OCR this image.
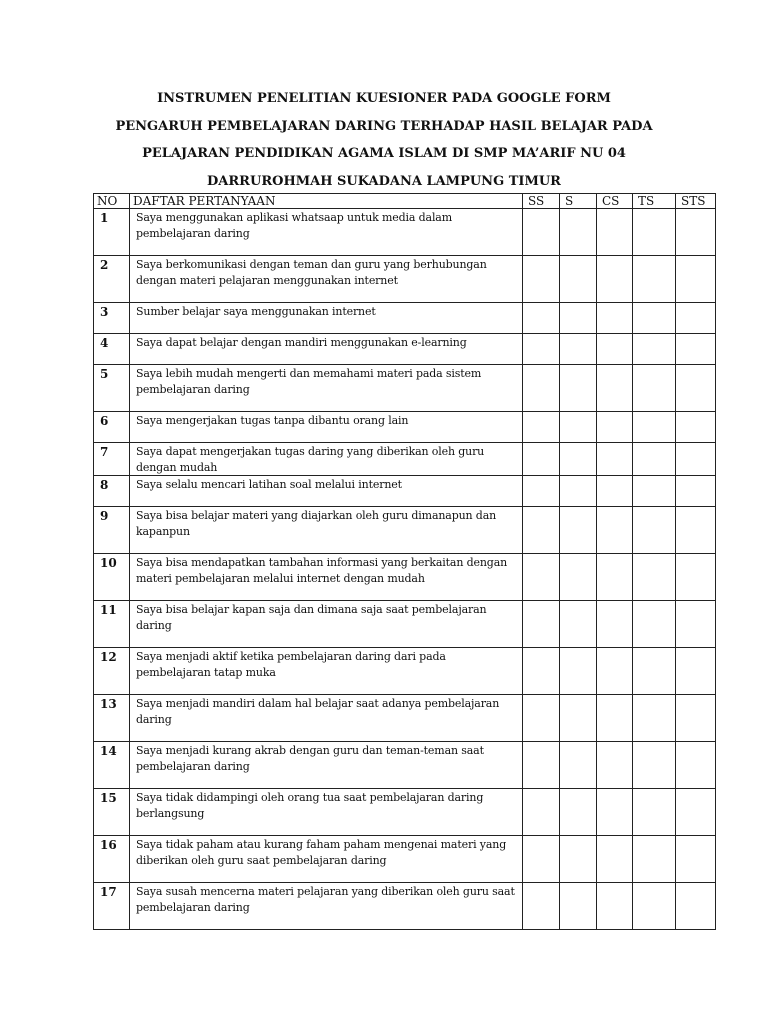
INSTRUMEN PENELITIAN KUESIONER PADA GOOGLE FORM
PENGARUH PEMBELAJARAN DARING TERHADAP HASIL BELAJAR PADA
PELAJARAN PENDIDIKAN AGAMA ISLAM DI SMP MA’ARIF NU 04
DARRUROHMAH SUKADANA LAMPUNG TIMUR
NO	DAFTAR PERTANYAAN	SS	S	CS	TS	STS
1	Saya menggunakan aplikasi whatsaap untuk media dalam pembelajaran daring					
2	Saya berkomunikasi dengan teman dan guru yang berhubungan dengan materi pelajaran menggunakan internet					
3	Sumber belajar saya menggunakan internet					
4	Saya dapat belajar dengan mandiri menggunakan e-learning					
5	Saya lebih mudah mengerti dan memahami materi pada sistem pembelajaran daring					
6	Saya mengerjakan tugas tanpa dibantu orang lain					
7	Saya dapat mengerjakan tugas daring yang diberikan oleh guru dengan mudah					
8	Saya selalu mencari latihan soal melalui internet					
9	Saya bisa belajar materi yang diajarkan oleh guru dimanapun dan kapanpun					
10	Saya bisa mendapatkan tambahan informasi yang berkaitan dengan materi pembelajaran melalui internet dengan mudah					
11	Saya bisa belajar kapan saja dan dimana saja saat pembelajaran daring					
12	Saya menjadi aktif ketika pembelajaran daring dari pada pembelajaran tatap muka					
13	Saya menjadi mandiri dalam hal belajar saat adanya pembelajaran daring					
14	Saya menjadi kurang akrab dengan guru dan teman-teman saat pembelajaran daring					
15	Saya tidak didampingi oleh orang tua saat pembelajaran daring berlangsung					
16	Saya tidak paham atau kurang faham paham mengenai materi yang diberikan oleh guru saat pembelajaran daring					
17	Saya susah mencerna materi pelajaran yang diberikan oleh guru saat pembelajaran daring					
